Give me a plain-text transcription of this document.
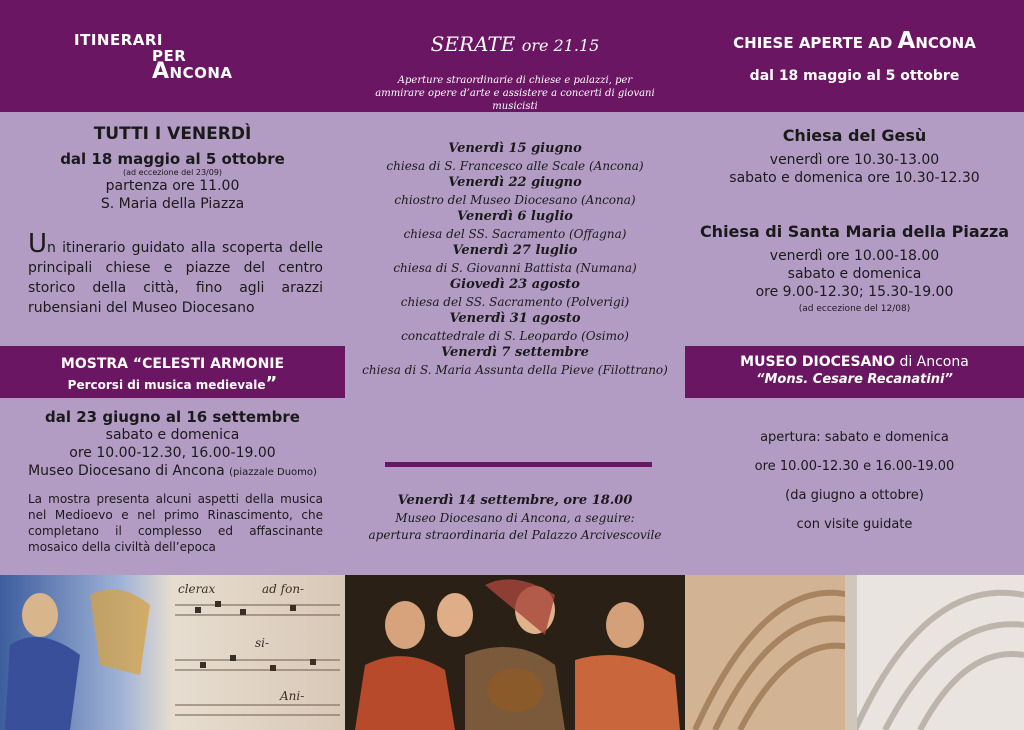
ITINERARI
PER
ANCONA
TUTTI I VENERDÌ
dal 18 maggio al 5 ottobre
(ad eccezione del 23/09)
partenza ore 11.00
S. Maria della Piazza
Un itinerario guidato alla scoperta delle principali chiese e piazze del centro storico della città, fino agli arazzi rubensiani del Museo Diocesano
MOSTRA “CELESTI ARMONIE
Percorsi di musica medievale”
dal 23 giugno al 16 settembre
sabato e domenica
ore 10.00-12.30, 16.00-19.00
Museo Diocesano di Ancona (piazzale Duomo)
La mostra presenta alcuni aspetti della musica nel Medioevo e nel primo Rinascimento, che completano il complesso ed affascinante mosaico della civiltà dell’epoca
SERATE ore 21.15
Aperture straordinarie di chiese e palazzi, per ammirare opere d’arte e assistere a concerti di giovani musicisti
Venerdì 15 giugno
chiesa di S. Francesco alle Scale (Ancona)
Venerdì 22 giugno
chiostro del Museo Diocesano (Ancona)
Venerdì 6 luglio
chiesa del SS. Sacramento (Offagna)
Venerdì 27 luglio
chiesa di S. Giovanni Battista (Numana)
Giovedì 23 agosto
chiesa del SS. Sacramento (Polverigi)
Venerdì 31 agosto
concattedrale di S. Leopardo (Osimo)
Venerdì 7 settembre
chiesa di S. Maria Assunta della Pieve (Filottrano)
Venerdì 14 settembre, ore 18.00
Museo Diocesano di Ancona, a seguire:
apertura straordinaria del Palazzo Arcivescovile
CHIESE APERTE AD ANCONA
dal 18 maggio al 5 ottobre
Chiesa del Gesù
venerdì ore 10.30-13.00
sabato e domenica ore 10.30-12.30
Chiesa di Santa Maria della Piazza
venerdì ore 10.00-18.00
sabato e domenica
ore 9.00-12.30; 15.30-19.00
(ad eccezione del 12/08)
MUSEO DIOCESANO di Ancona
“Mons. Cesare Recanatini”
apertura: sabato e domenica
ore 10.00-12.30 e 16.00-19.00
(da giugno a ottobre)
con visite guidate
clerax	ad fon-
si-
Ani-
